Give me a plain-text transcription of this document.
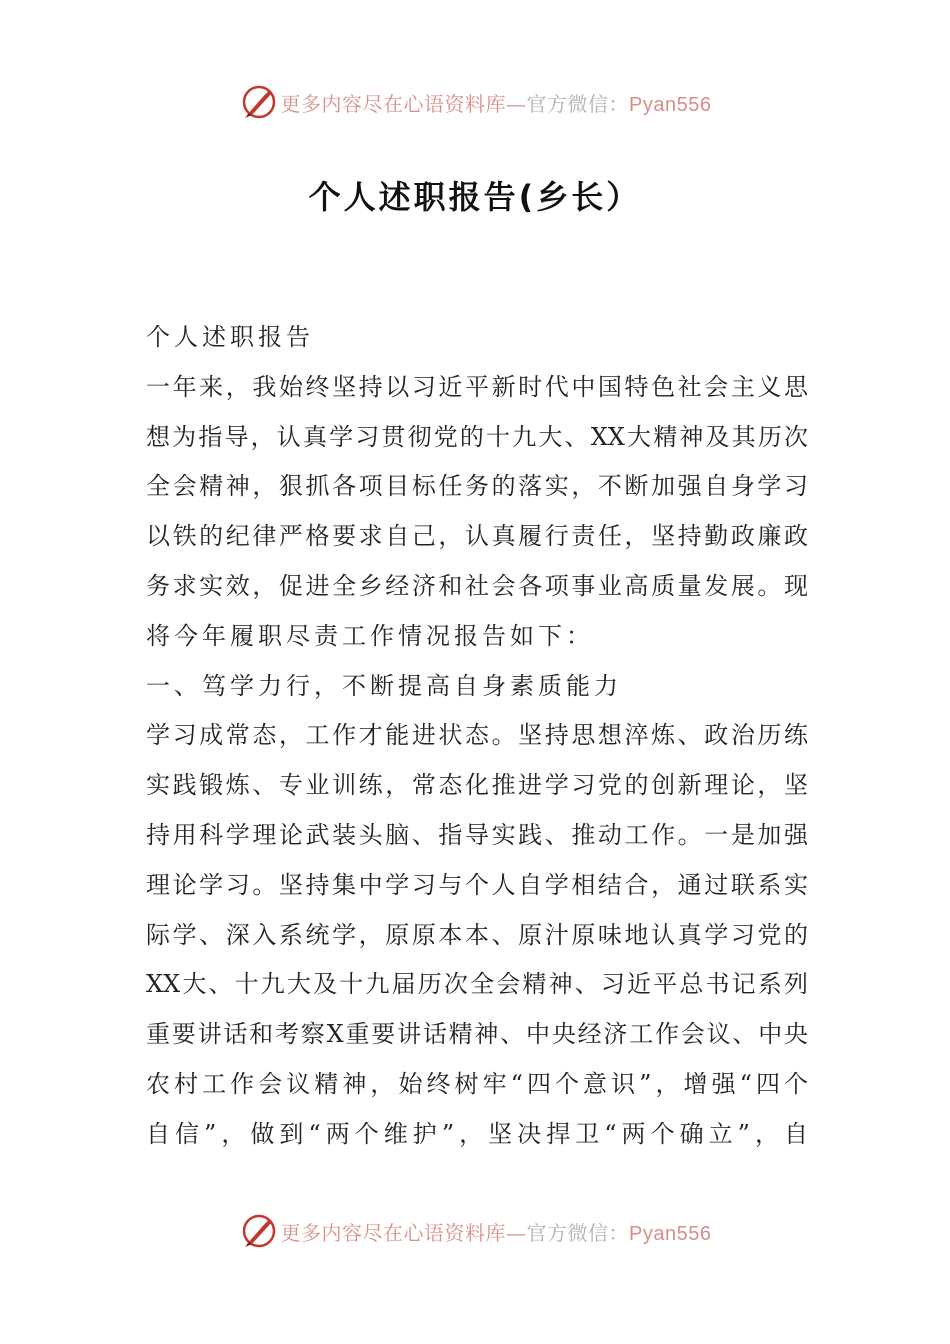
更多内容尽在心语资料库—官方微信：Pyan556
个人述职报告(乡长）
个人述职报告
一年来，我始终坚持以习近平新时代中国特色社会主义思
想为指导，认真学习贯彻党的十九大、XX大精神及其历次
全会精神，狠抓各项目标任务的落实，不断加强自身学习
以铁的纪律严格要求自己，认真履行责任，坚持勤政廉政
务求实效，促进全乡经济和社会各项事业高质量发展。现
将今年履职尽责工作情况报告如下：
一、笃学力行，不断提高自身素质能力
学习成常态，工作才能进状态。坚持思想淬炼、政治历练
实践锻炼、专业训练，常态化推进学习党的创新理论，坚
持用科学理论武装头脑、指导实践、推动工作。一是加强
理论学习。坚持集中学习与个人自学相结合，通过联系实
际学、深入系统学，原原本本、原汁原味地认真学习党的
XX大、十九大及十九届历次全会精神、习近平总书记系列
重要讲话和考察X重要讲话精神、中央经济工作会议、中央
农村工作会议精神，始终树牢“四个意识”，增强“四个
自信”，做到“两个维护”，坚决捍卫“两个确立”，自
更多内容尽在心语资料库—官方微信：Pyan556
